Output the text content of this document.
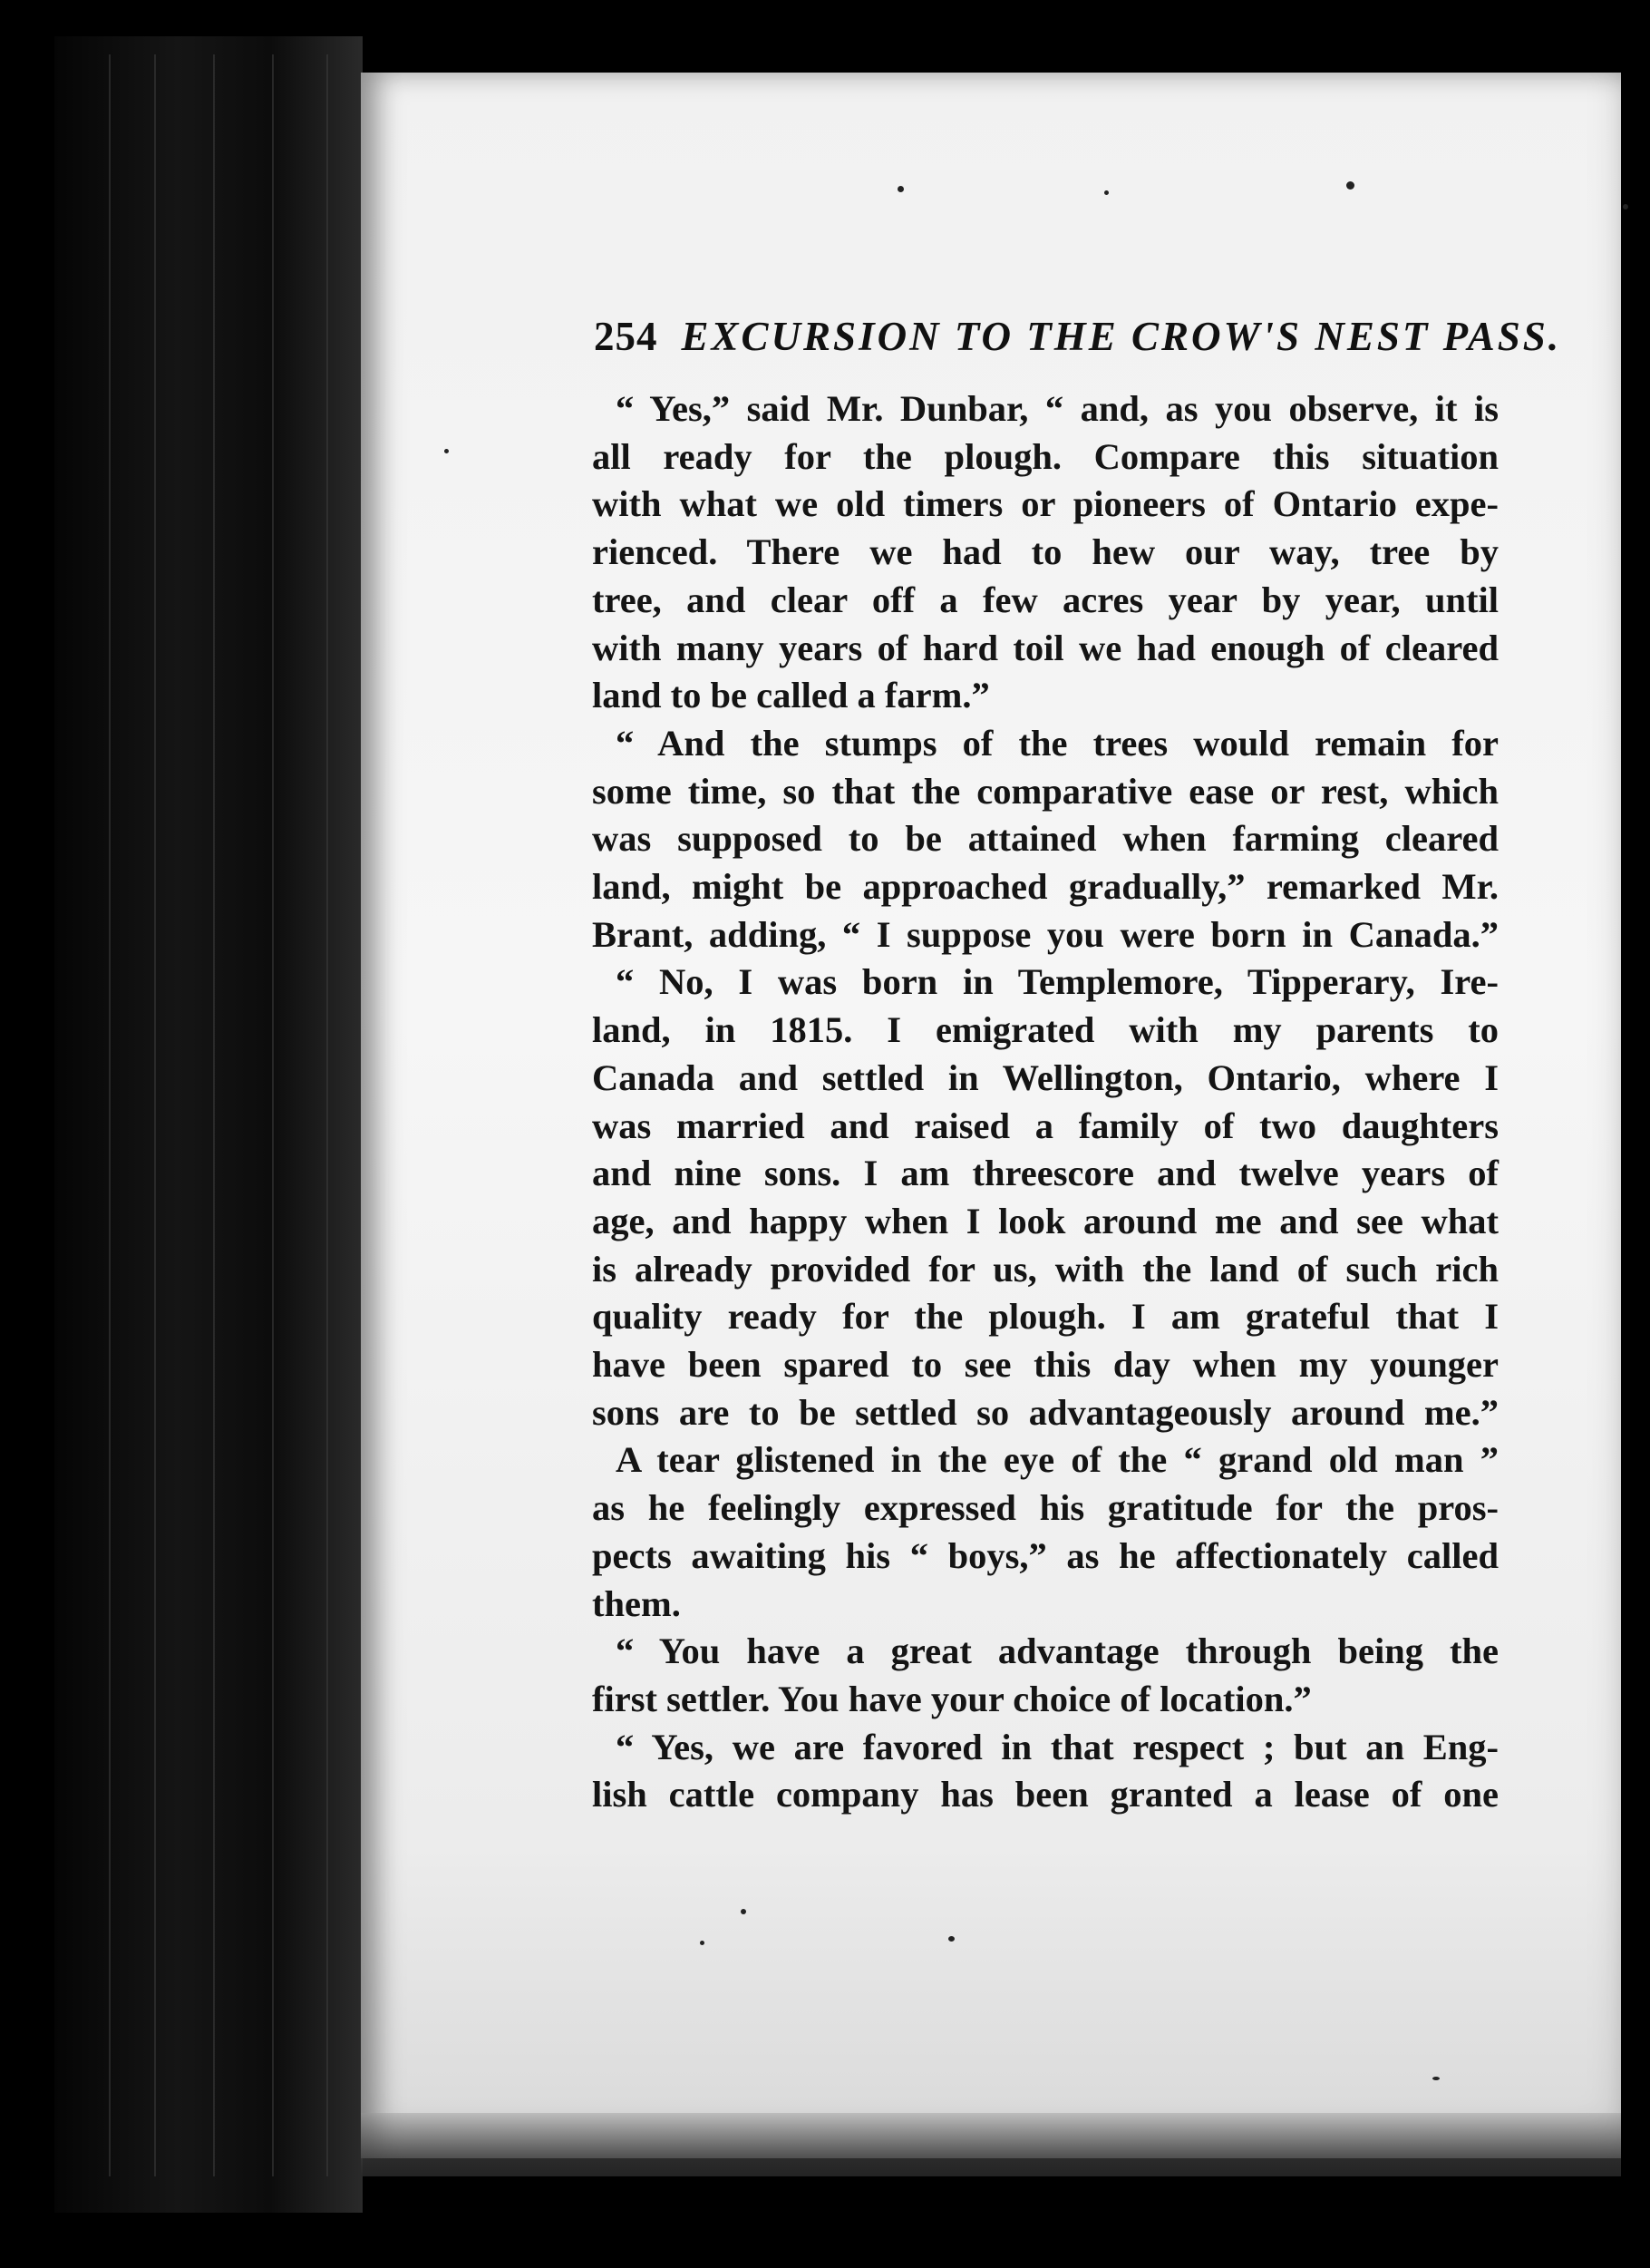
254 EXCURSION TO THE CROW'S NEST PASS.
“ Yes,” said Mr. Dunbar, “ and, as you observe, it is
all ready for the plough. Compare this situation
with what we old timers or pioneers of Ontario expe-
rienced. There we had to hew our way, tree by
tree, and clear off a few acres year by year, until
with many years of hard toil we had enough of cleared
land to be called a farm.”
“ And the stumps of the trees would remain for
some time, so that the comparative ease or rest, which
was supposed to be attained when farming cleared
land, might be approached gradually,” remarked Mr.
Brant, adding, “ I suppose you were born in Canada.”
“ No, I was born in Templemore, Tipperary, Ire-
land, in 1815. I emigrated with my parents to
Canada and settled in Wellington, Ontario, where I
was married and raised a family of two daughters
and nine sons. I am threescore and twelve years of
age, and happy when I look around me and see what
is already provided for us, with the land of such rich
quality ready for the plough. I am grateful that I
have been spared to see this day when my younger
sons are to be settled so advantageously around me.”
A tear glistened in the eye of the “ grand old man ”
as he feelingly expressed his gratitude for the pros-
pects awaiting his “ boys,” as he affectionately called
them.
“ You have a great advantage through being the
first settler. You have your choice of location.”
“ Yes, we are favored in that respect ; but an Eng-
lish cattle company has been granted a lease of one
